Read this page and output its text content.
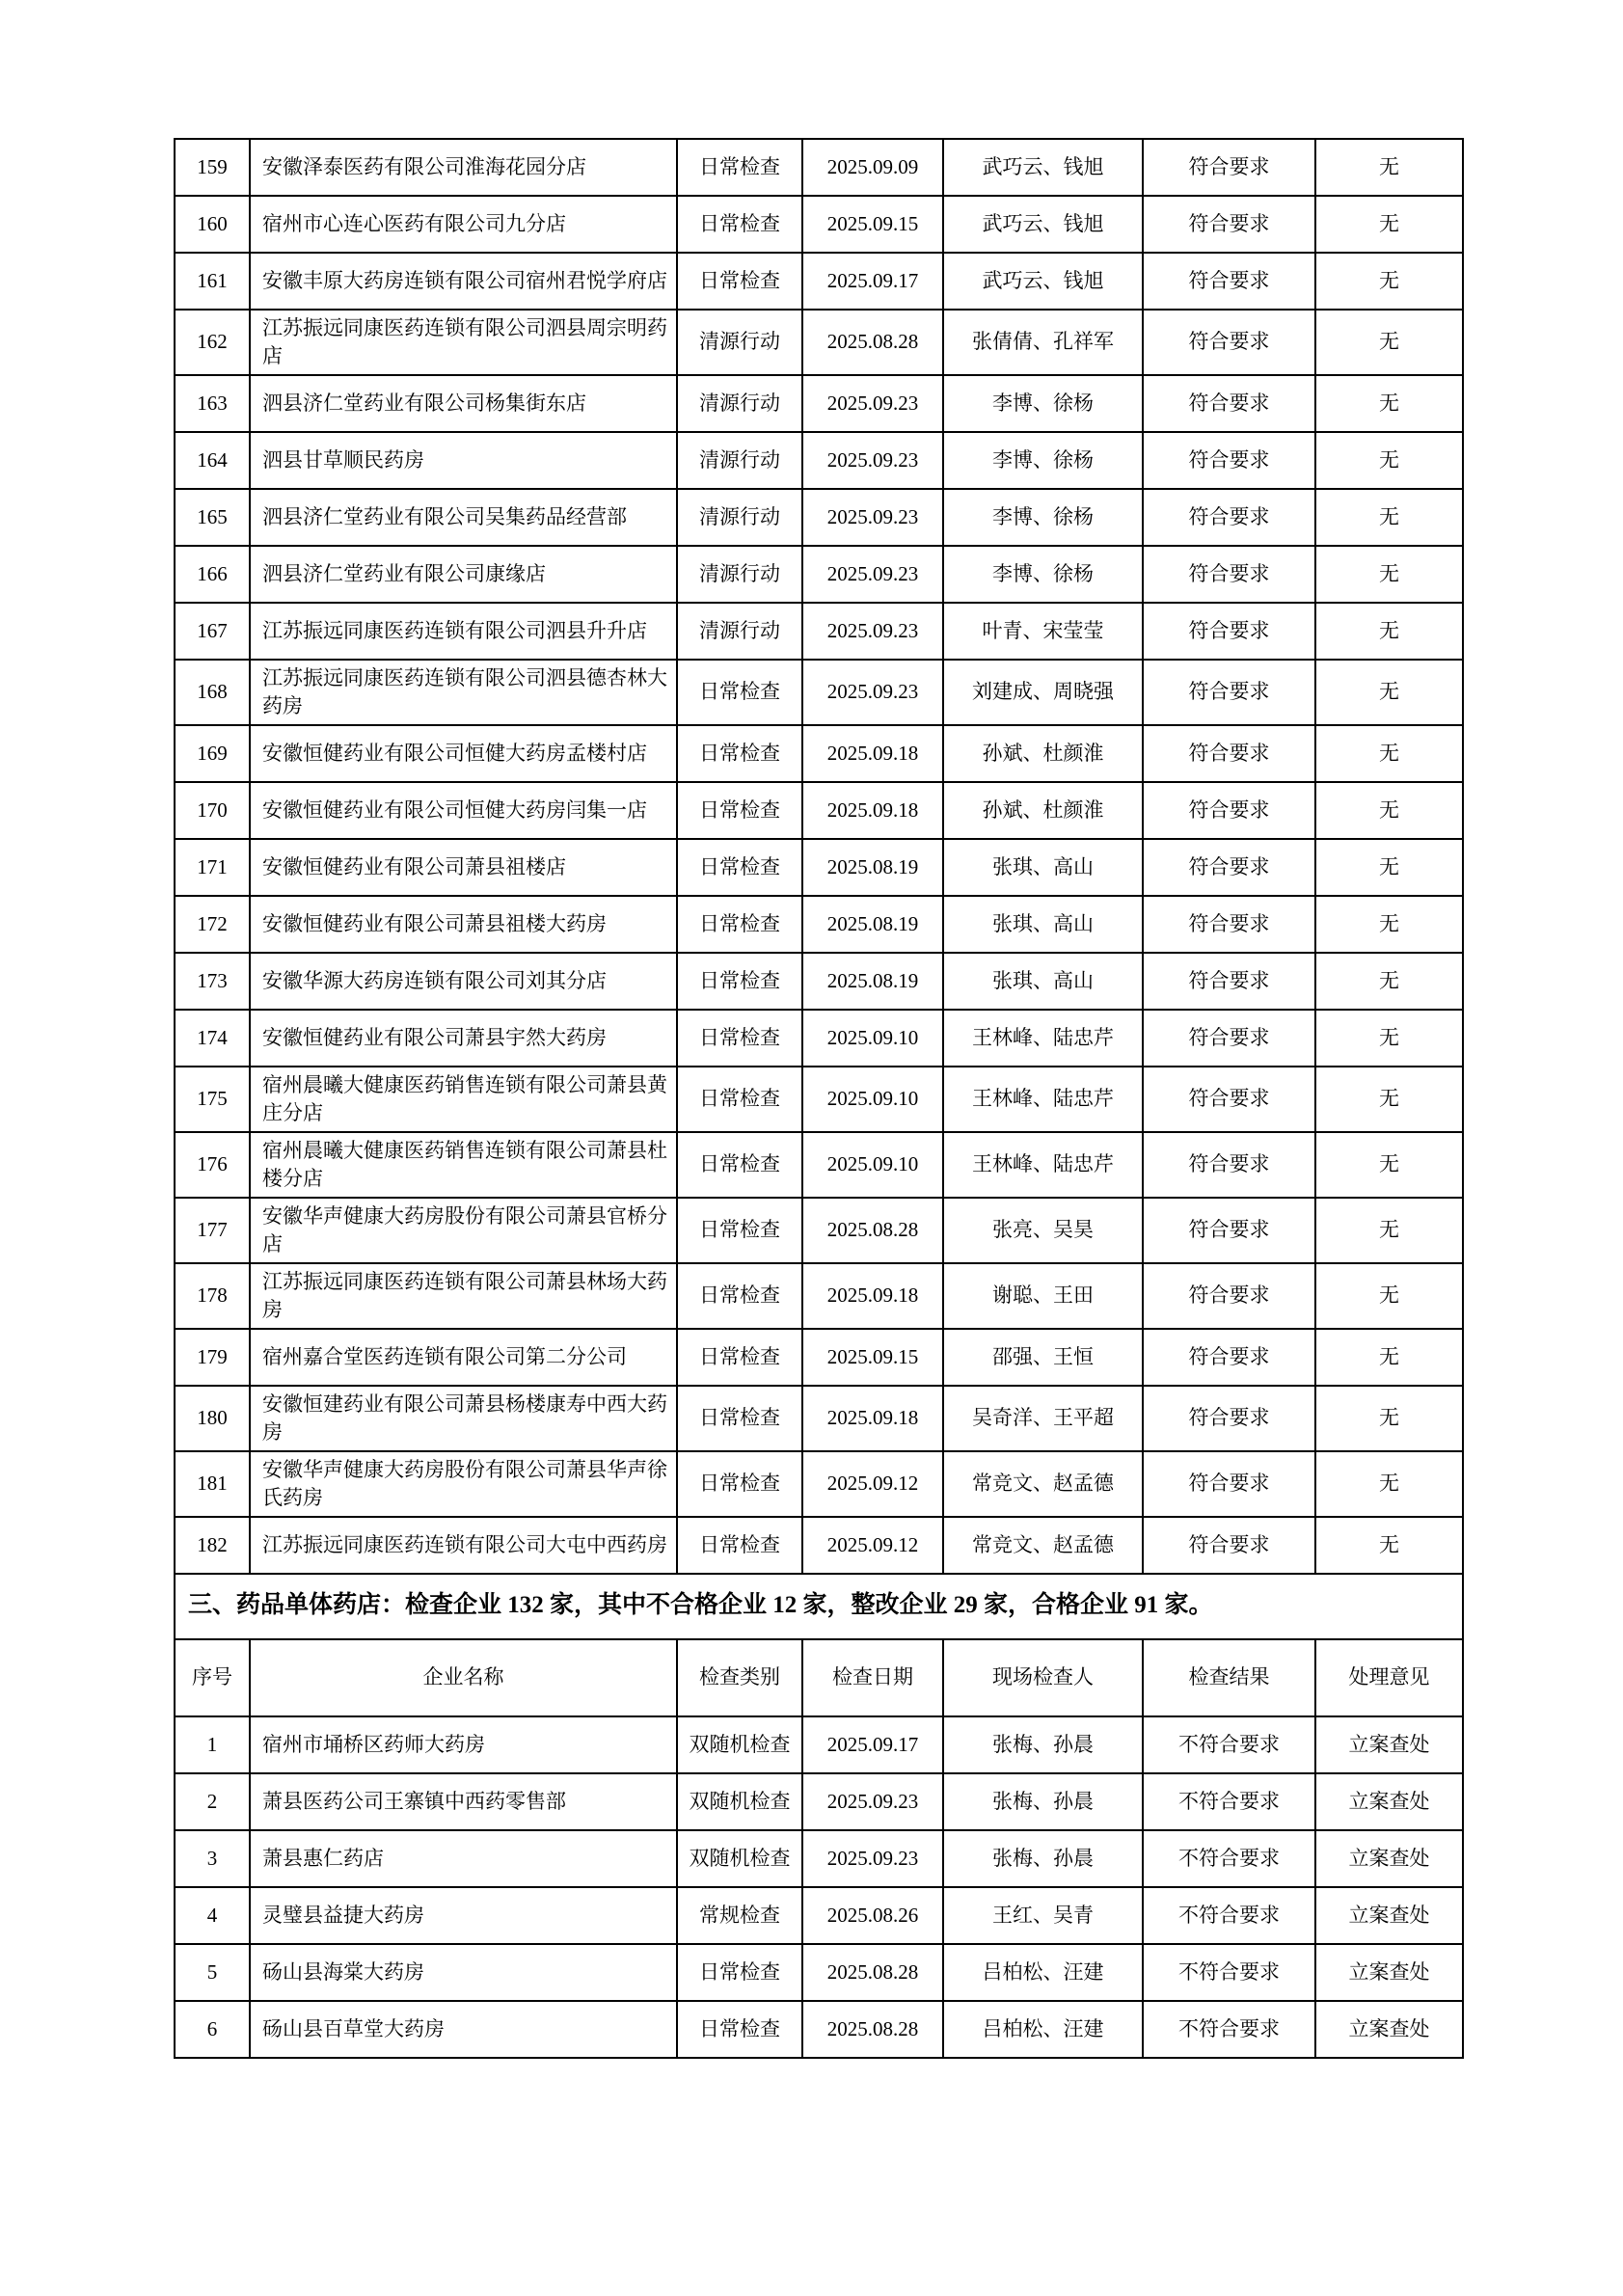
159	安徽泽泰医药有限公司淮海花园分店	日常检查	2025.09.09	武巧云、钱旭	符合要求	无
160	宿州市心连心医药有限公司九分店	日常检查	2025.09.15	武巧云、钱旭	符合要求	无
161	安徽丰原大药房连锁有限公司宿州君悦学府店	日常检查	2025.09.17	武巧云、钱旭	符合要求	无
162	江苏振远同康医药连锁有限公司泗县周宗明药店	清源行动	2025.08.28	张倩倩、孔祥军	符合要求	无
163	泗县济仁堂药业有限公司杨集街东店	清源行动	2025.09.23	李博、徐杨	符合要求	无
164	泗县甘草顺民药房	清源行动	2025.09.23	李博、徐杨	符合要求	无
165	泗县济仁堂药业有限公司吴集药品经营部	清源行动	2025.09.23	李博、徐杨	符合要求	无
166	泗县济仁堂药业有限公司康缘店	清源行动	2025.09.23	李博、徐杨	符合要求	无
167	江苏振远同康医药连锁有限公司泗县升升店	清源行动	2025.09.23	叶青、宋莹莹	符合要求	无
168	江苏振远同康医药连锁有限公司泗县德杏林大药房	日常检查	2025.09.23	刘建成、周晓强	符合要求	无
169	安徽恒健药业有限公司恒健大药房孟楼村店	日常检查	2025.09.18	孙斌、杜颜淮	符合要求	无
170	安徽恒健药业有限公司恒健大药房闫集一店	日常检查	2025.09.18	孙斌、杜颜淮	符合要求	无
171	安徽恒健药业有限公司萧县祖楼店	日常检查	2025.08.19	张琪、高山	符合要求	无
172	安徽恒健药业有限公司萧县祖楼大药房	日常检查	2025.08.19	张琪、高山	符合要求	无
173	安徽华源大药房连锁有限公司刘其分店	日常检查	2025.08.19	张琪、高山	符合要求	无
174	安徽恒健药业有限公司萧县宇然大药房	日常检查	2025.09.10	王林峰、陆忠芹	符合要求	无
175	宿州晨曦大健康医药销售连锁有限公司萧县黄庄分店	日常检查	2025.09.10	王林峰、陆忠芹	符合要求	无
176	宿州晨曦大健康医药销售连锁有限公司萧县杜楼分店	日常检查	2025.09.10	王林峰、陆忠芹	符合要求	无
177	安徽华声健康大药房股份有限公司萧县官桥分店	日常检查	2025.08.28	张亮、吴昊	符合要求	无
178	江苏振远同康医药连锁有限公司萧县林场大药房	日常检查	2025.09.18	谢聪、王田	符合要求	无
179	宿州嘉合堂医药连锁有限公司第二分公司	日常检查	2025.09.15	邵强、王恒	符合要求	无
180	安徽恒建药业有限公司萧县杨楼康寿中西大药房	日常检查	2025.09.18	吴奇洋、王平超	符合要求	无
181	安徽华声健康大药房股份有限公司萧县华声徐氏药房	日常检查	2025.09.12	常竞文、赵孟德	符合要求	无
182	江苏振远同康医药连锁有限公司大屯中西药房	日常检查	2025.09.12	常竞文、赵孟德	符合要求	无
三、药品单体药店：检查企业 132 家，其中不合格企业 12 家，整改企业 29 家，合格企业 91 家。						
序号	企业名称	检查类别	检查日期	现场检查人	检查结果	处理意见
1	宿州市埇桥区药师大药房	双随机检查	2025.09.17	张梅、孙晨	不符合要求	立案查处
2	萧县医药公司王寨镇中西药零售部	双随机检查	2025.09.23	张梅、孙晨	不符合要求	立案查处
3	萧县惠仁药店	双随机检查	2025.09.23	张梅、孙晨	不符合要求	立案查处
4	灵璧县益捷大药房	常规检查	2025.08.26	王红、吴青	不符合要求	立案查处
5	砀山县海棠大药房	日常检查	2025.08.28	吕柏松、汪建	不符合要求	立案查处
6	砀山县百草堂大药房	日常检查	2025.08.28	吕柏松、汪建	不符合要求	立案查处
